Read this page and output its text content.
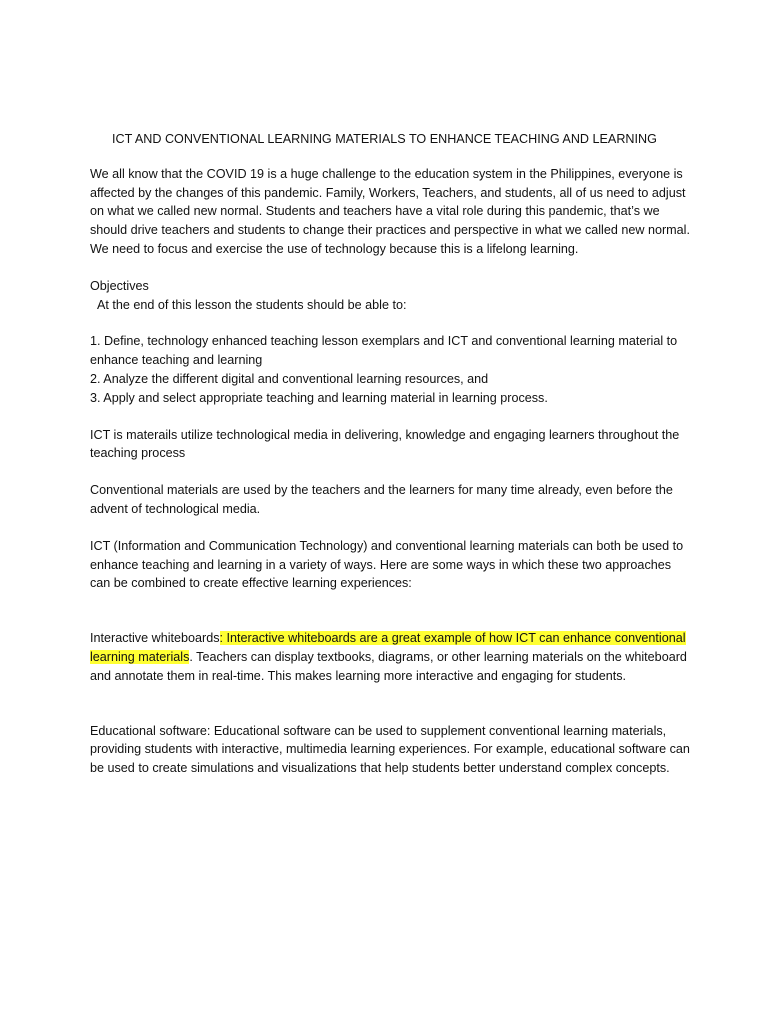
ICT AND CONVENTIONAL LEARNING MATERIALS TO ENHANCE TEACHING AND LEARNING

We all know that the COVID 19 is a huge challenge to the education system in the Philippines, everyone is affected by the changes of this pandemic. Family, Workers, Teachers, and students, all of us need to adjust on what we called new normal. Students and teachers have a vital role during this pandemic, that’s we should drive teachers and students to change their practices and perspective in what we called new normal. We need to focus and exercise the use of technology because this is a lifelong learning.

Objectives

At the end of this lesson the students should be able to:

1. Define, technology enhanced teaching lesson exemplars and ICT and conventional learning material to enhance teaching and learning

2. Analyze the different digital and conventional learning resources, and

3. Apply and select appropriate teaching and learning material in learning process.

ICT is materails utilize technological media in delivering, knowledge and engaging learners throughout the teaching process

Conventional materials are used by the teachers and the learners for many time already, even before the advent of technological media.

ICT (Information and Communication Technology) and conventional learning materials can both be used to enhance teaching and learning in a variety of ways. Here are some ways in which these two approaches can be combined to create effective learning experiences:

Interactive whiteboards: Interactive whiteboards are a great example of how ICT can enhance conventional learning materials. Teachers can display textbooks, diagrams, or other learning materials on the whiteboard and annotate them in real-time. This makes learning more interactive and engaging for students.

Educational software: Educational software can be used to supplement conventional learning materials, providing students with interactive, multimedia learning experiences. For example, educational software can be used to create simulations and visualizations that help students better understand complex concepts.
